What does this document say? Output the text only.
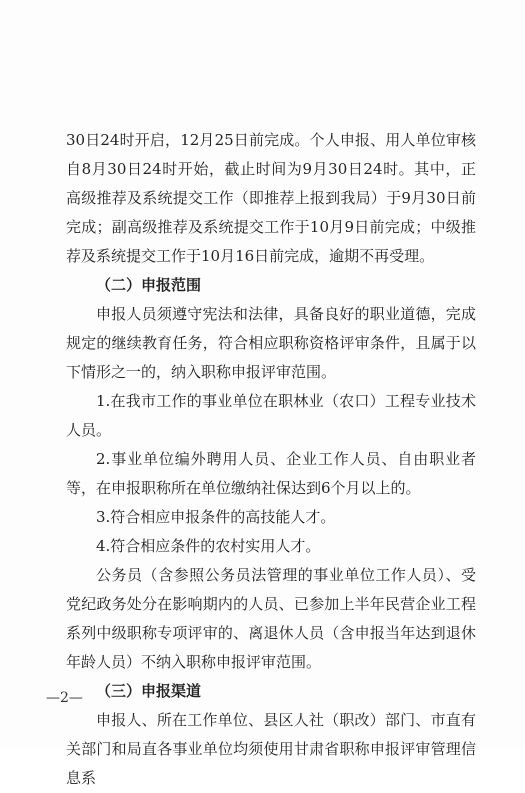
30日24时开启，12月25日前完成。个人申报、用人单位审核自8月30日24时开始，截止时间为9月30日24时。其中，正高级推荐及系统提交工作（即推荐上报到我局）于9月30日前完成；副高级推荐及系统提交工作于10月9日前完成；中级推荐及系统提交工作于10月16日前完成，逾期不再受理。

（二）申报范围

申报人员须遵守宪法和法律，具备良好的职业道德，完成规定的继续教育任务，符合相应职称资格评审条件，且属于以下情形之一的，纳入职称申报评审范围。

1.在我市工作的事业单位在职林业（农口）工程专业技术人员。

2.事业单位编外聘用人员、企业工作人员、自由职业者等，在申报职称所在单位缴纳社保达到6个月以上的。

3.符合相应申报条件的高技能人才。

4.符合相应条件的农村实用人才。

公务员（含参照公务员法管理的事业单位工作人员）、受党纪政务处分在影响期内的人员、已参加上半年民营企业工程系列中级职称专项评审的、离退休人员（含申报当年达到退休年龄人员）不纳入职称申报评审范围。

（三）申报渠道

申报人、所在工作单位、县区人社（职改）部门、市直有关部门和局直各事业单位均须使用甘肃省职称申报评审管理信息系

—2—
